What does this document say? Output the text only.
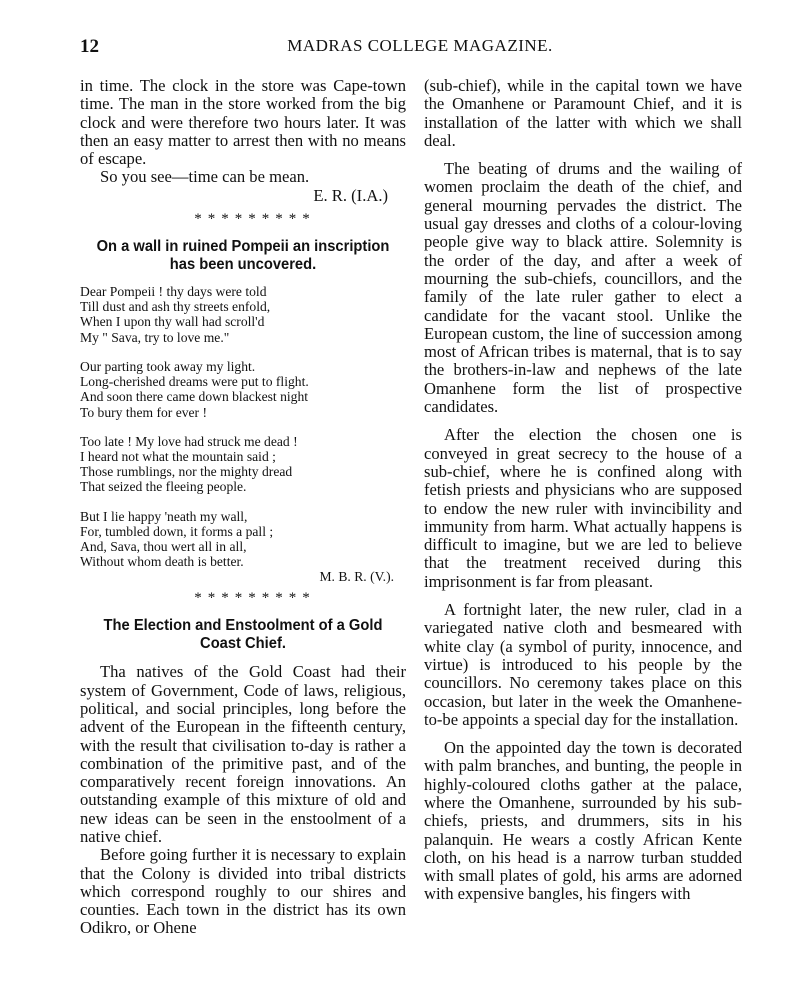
12	MADRAS COLLEGE MAGAZINE.

in time. The clock in the store was Cape-town time. The man in the store worked from the big clock and were therefore two hours later. It was then an easy matter to arrest then with no means of escape.

So you see—time can be mean.

E. R. (I.A.)
*********
On a wall in ruined Pompeii an inscription has been uncovered.
Dear Pompeii ! thy days were told
Till dust and ash thy streets enfold,
When I upon thy wall had scroll'd
My " Sava, try to love me."
Our parting took away my light.
Long-cherished dreams were put to flight.
And soon there came down blackest night
To bury them for ever !
Too late ! My love had struck me dead !
I heard not what the mountain said ;
Those rumblings, nor the mighty dread
That seized the fleeing people.
But I lie happy 'neath my wall,
For, tumbled down, it forms a pall ;
And, Sava, thou wert all in all,
Without whom death is better.
M. B. R. (V.).
*********
The Election and Enstoolment of a Gold Coast Chief.

Tha natives of the Gold Coast had their system of Government, Code of laws, religious, political, and social principles, long before the advent of the European in the fifteenth century, with the result that civilisation to-day is rather a combination of the primitive past, and of the comparatively recent foreign innovations. An outstanding example of this mixture of old and new ideas can be seen in the enstoolment of a native chief.

Before going further it is necessary to explain that the Colony is divided into tribal districts which correspond roughly to our shires and counties. Each town in the district has its own Odikro, or Ohene

(sub-chief), while in the capital town we have the Omanhene or Paramount Chief, and it is installation of the latter with which we shall deal.

The beating of drums and the wailing of women proclaim the death of the chief, and general mourning pervades the district. The usual gay dresses and cloths of a colour-loving people give way to black attire. Solemnity is the order of the day, and after a week of mourning the sub-chiefs, councillors, and the family of the late ruler gather to elect a candidate for the vacant stool. Unlike the European custom, the line of succession among most of African tribes is maternal, that is to say the brothers-in-law and nephews of the late Omanhene form the list of prospective candidates.

After the election the chosen one is conveyed in great secrecy to the house of a sub-chief, where he is confined along with fetish priests and physicians who are supposed to endow the new ruler with invincibility and immunity from harm. What actually happens is difficult to imagine, but we are led to believe that the treatment received during this imprisonment is far from pleasant.

A fortnight later, the new ruler, clad in a variegated native cloth and besmeared with white clay (a symbol of purity, innocence, and virtue) is introduced to his people by the councillors. No ceremony takes place on this occasion, but later in the week the Omanhene-to-be appoints a special day for the installation.

On the appointed day the town is decorated with palm branches, and bunting, the people in highly-coloured cloths gather at the palace, where the Omanhene, surrounded by his sub-chiefs, priests, and drummers, sits in his palanquin. He wears a costly African Kente cloth, on his head is a narrow turban studded with small plates of gold, his arms are adorned with expensive bangles, his fingers with
